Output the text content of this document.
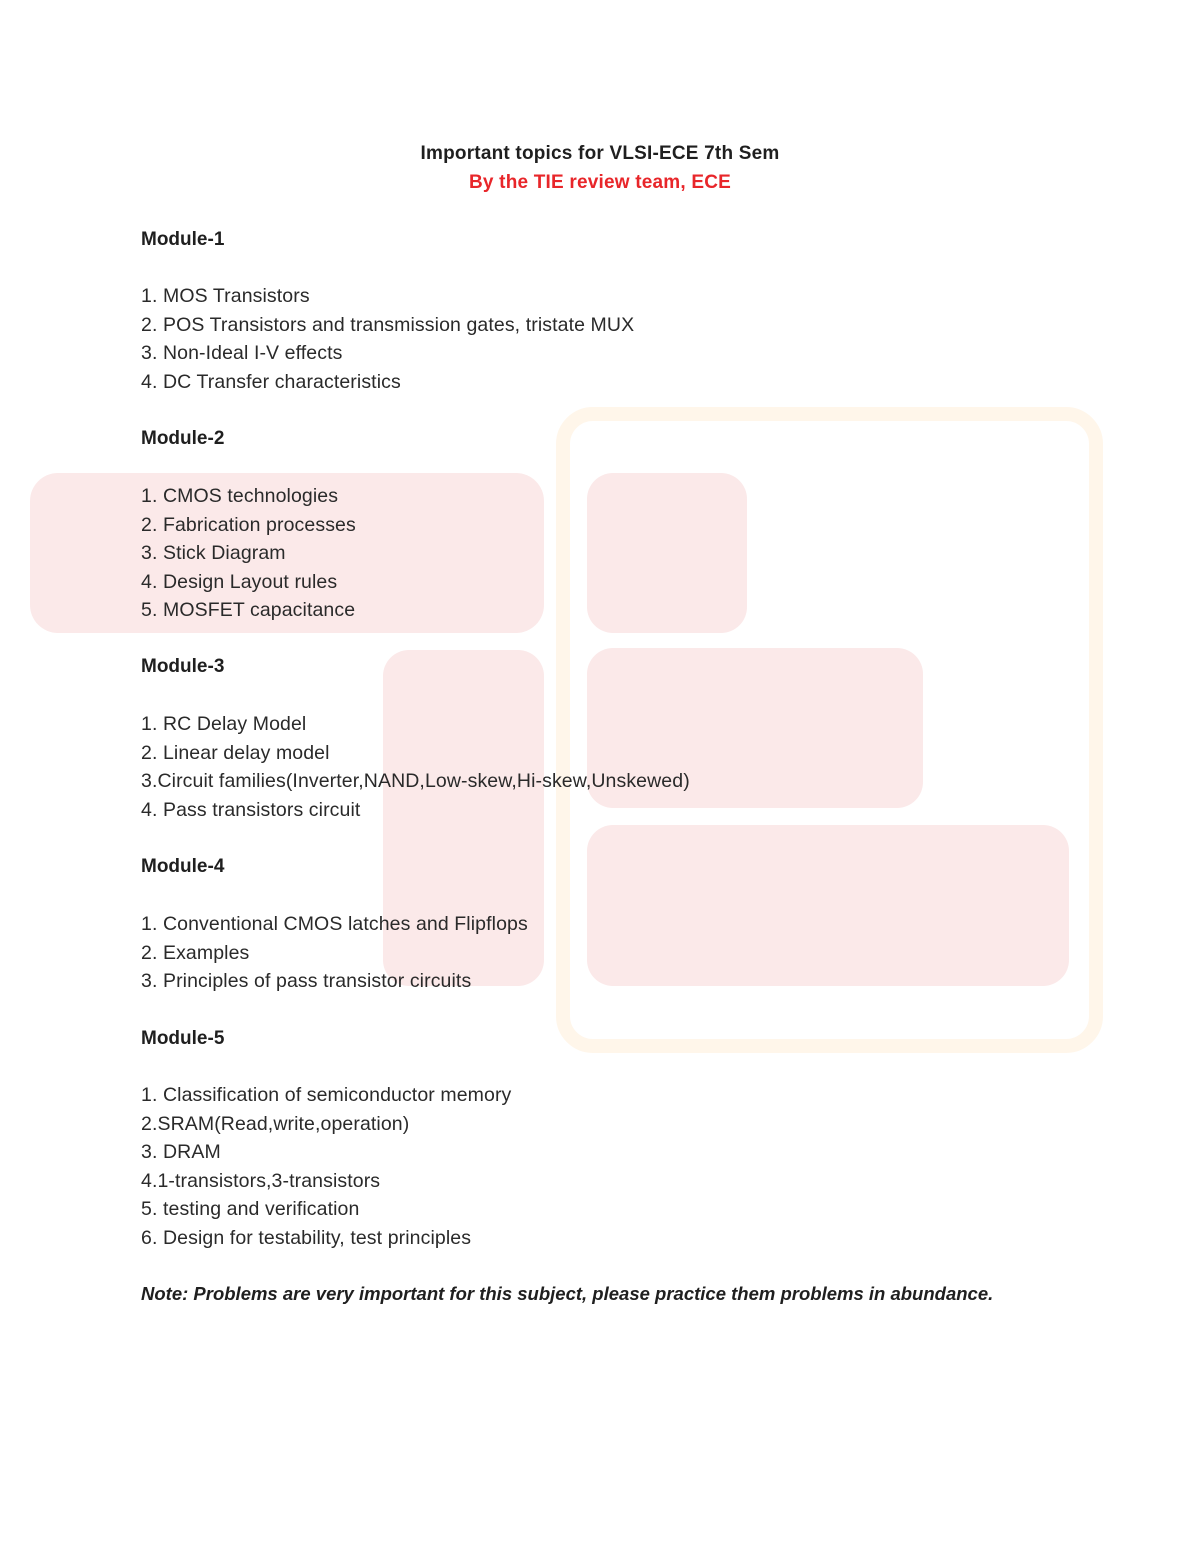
Important topics for VLSI-ECE 7th Sem
By the TIE review team, ECE
Module-1
1. MOS Transistors
2. POS Transistors and transmission gates, tristate MUX
3. Non-Ideal I-V effects
4. DC Transfer characteristics
Module-2
1. CMOS technologies
2. Fabrication processes
3. Stick Diagram
4. Design Layout rules
5. MOSFET capacitance
Module-3
1. RC Delay Model
2. Linear delay model
3.Circuit families(Inverter,NAND,Low-skew,Hi-skew,Unskewed)
4. Pass transistors circuit
Module-4
1. Conventional CMOS latches and Flipflops
2. Examples
3. Principles of pass transistor circuits
Module-5
1. Classification of semiconductor memory
2.SRAM(Read,write,operation)
3. DRAM
4.1-transistors,3-transistors
5. testing and verification
6. Design for testability, test principles
Note: Problems are very important for this subject, please practice them problems in abundance.
